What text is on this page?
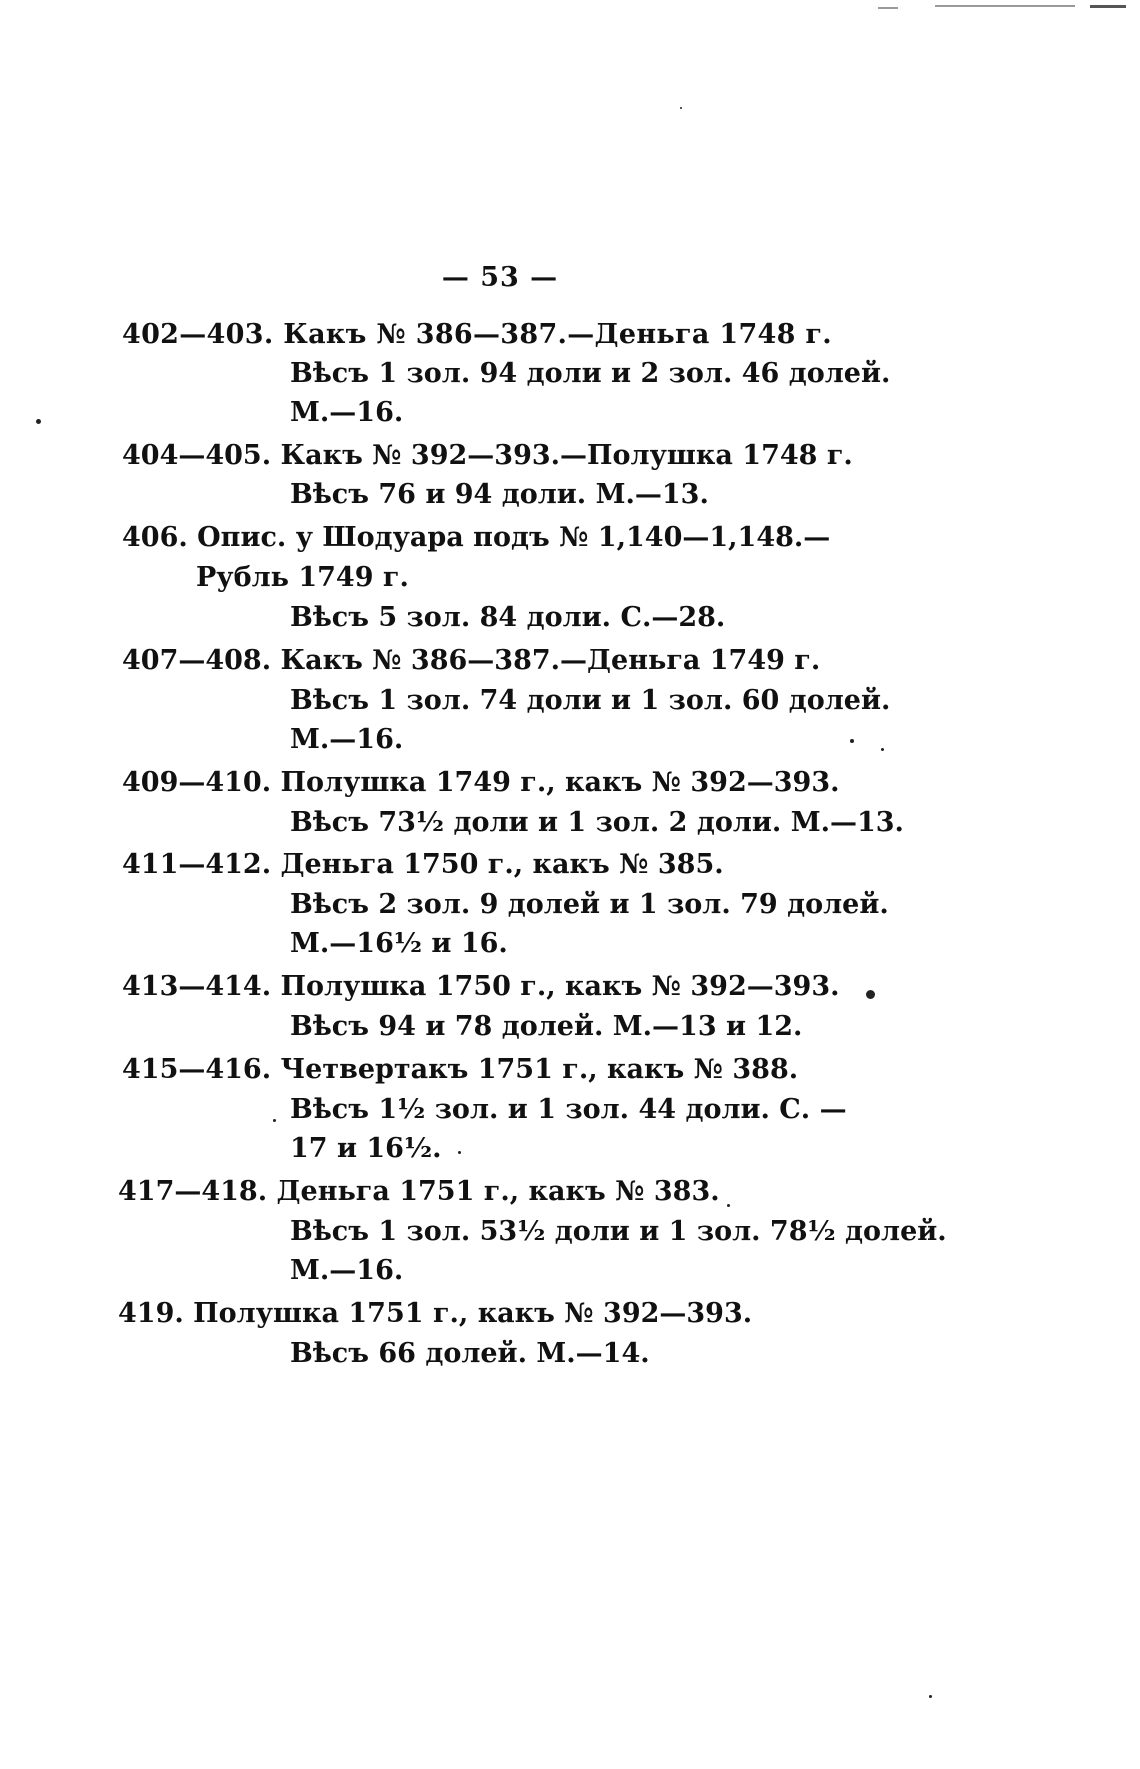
— 53 —
402—403. Какъ № 386—387.—Деньга 1748 г.
Вѣсъ 1 зол. 94 доли и 2 зол. 46 долей.
М.—16.
404—405. Какъ № 392—393.—Полушка 1748 г.
Вѣсъ 76 и 94 доли. М.—13.
406. Опис. у Шодуара подъ № 1,140—1,148.—
Рубль 1749 г.
Вѣсъ 5 зол. 84 доли. С.—28.
407—408. Какъ № 386—387.—Деньга 1749 г.
Вѣсъ 1 зол. 74 доли и 1 зол. 60 долей.
М.—16.
409—410. Полушка 1749 г., какъ № 392—393.
Вѣсъ 73½ доли и 1 зол. 2 доли. М.—13.
411—412. Деньга 1750 г., какъ № 385.
Вѣсъ 2 зол. 9 долей и 1 зол. 79 долей.
М.—16½ и 16.
413—414. Полушка 1750 г., какъ № 392—393.
Вѣсъ 94 и 78 долей. М.—13 и 12.
415—416. Четвертакъ 1751 г., какъ № 388.
Вѣсъ 1½ зол. и 1 зол. 44 доли. С. —
17 и 16½.
417—418. Деньга 1751 г., какъ № 383.
Вѣсъ 1 зол. 53½ доли и 1 зол. 78½ долей.
М.—16.
419. Полушка 1751 г., какъ № 392—393.
Вѣсъ 66 долей. М.—14.
